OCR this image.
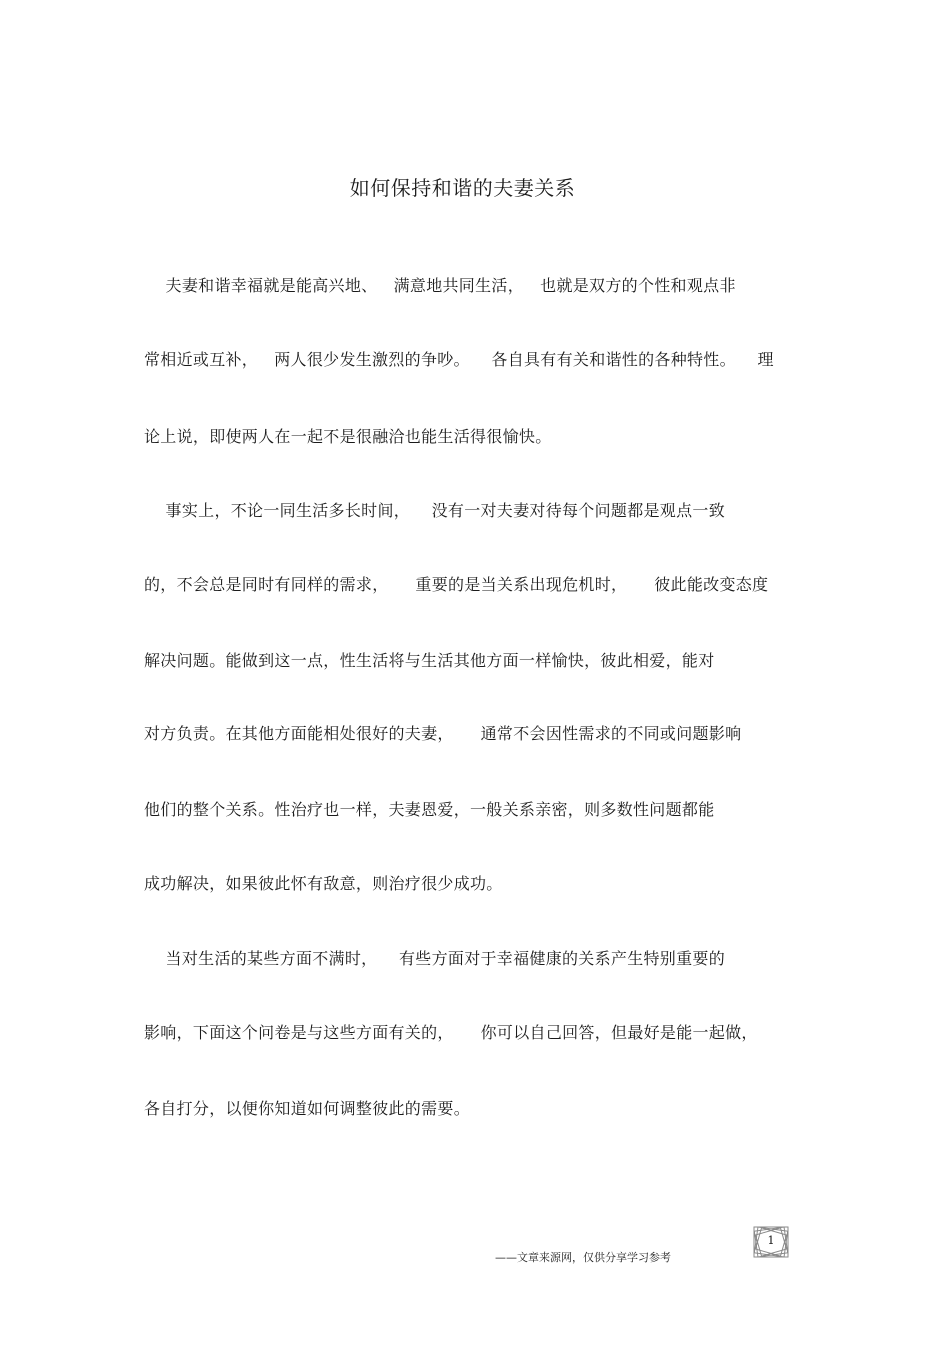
如何保持和谐的夫妻关系
夫妻和谐幸福就是能高兴地、   满意地共同生活，   也就是双方的个性和观点非
常相近或互补，   两人很少发生激烈的争吵。    各自具有有关和谐性的各种特性。    理
论上说，即使两人在一起不是很融洽也能生活得很愉快。
事实上，不论一同生活多长时间，    没有一对夫妻对待每个问题都是观点一致
的，不会总是同时有同样的需求，     重要的是当关系出现危机时，     彼此能改变态度
解决问题。能做到这一点，性生活将与生活其他方面一样愉快，彼此相爱，能对
对方负责。在其他方面能相处很好的夫妻，     通常不会因性需求的不同或问题影响
他们的整个关系。性治疗也一样，夫妻恩爱，一般关系亲密，则多数性问题都能
成功解决，如果彼此怀有敌意，则治疗很少成功。
当对生活的某些方面不满时，    有些方面对于幸福健康的关系产生特别重要的
影响，下面这个问卷是与这些方面有关的，     你可以自己回答，但最好是能一起做，
各自打分，以便你知道如何调整彼此的需要。
——文章来源网，仅供分享学习参考
1
